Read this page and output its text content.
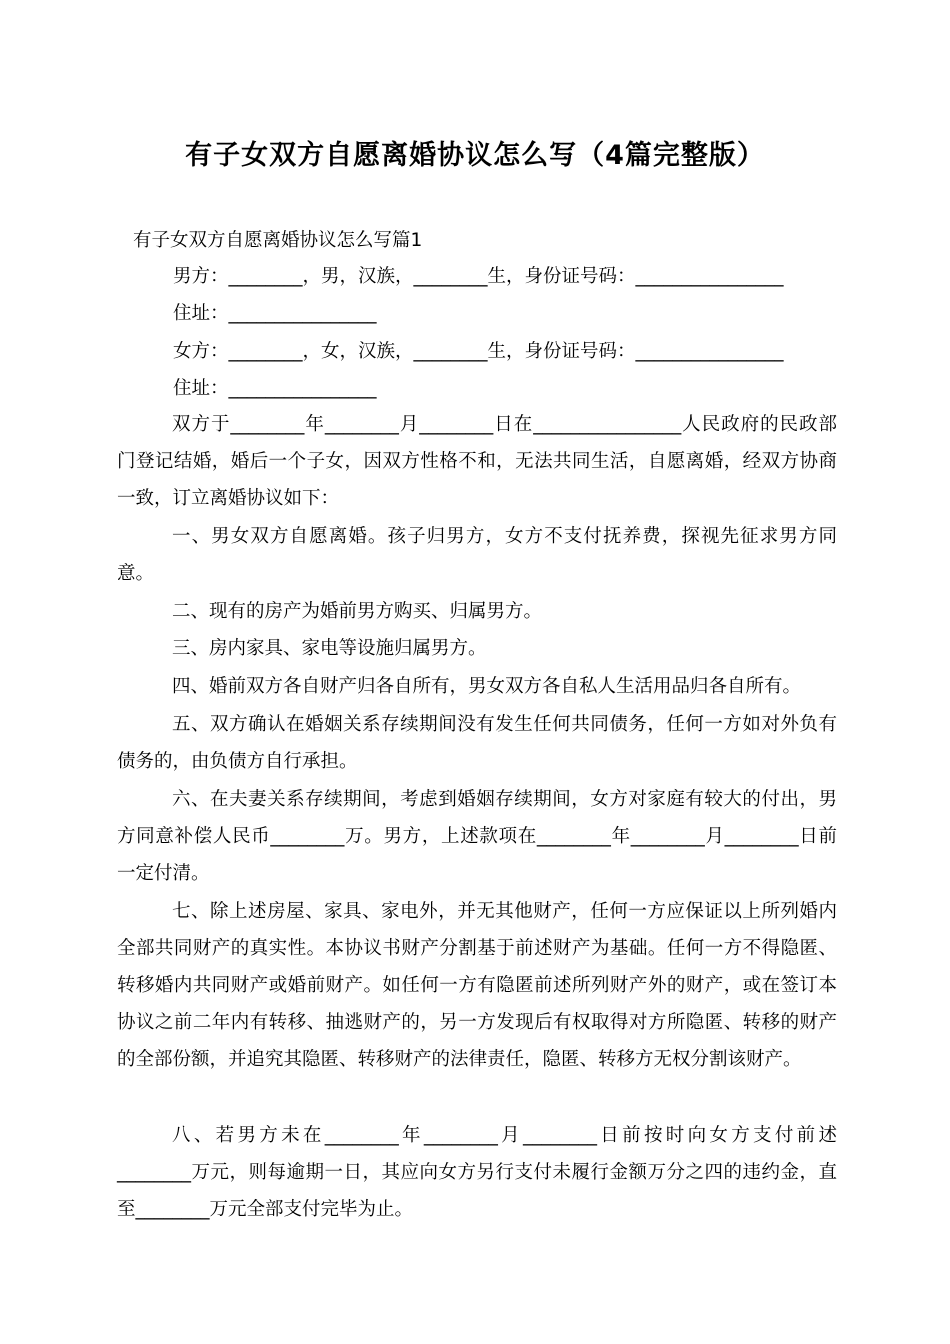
有子女双方自愿离婚协议怎么写（4篇完整版）
有子女双方自愿离婚协议怎么写篇1
男方：________，男，汉族，________生，身份证号码：________________
住址：________________
女方：________，女，汉族，________生，身份证号码：________________
住址：________________
双方于________年________月________日在________________人民政府的民政部门登记结婚，婚后一个子女，因双方性格不和，无法共同生活，自愿离婚，经双方协商一致，订立离婚协议如下：
一、男女双方自愿离婚。孩子归男方，女方不支付抚养费，探视先征求男方同意。
二、现有的房产为婚前男方购买、归属男方。
三、房内家具、家电等设施归属男方。
四、婚前双方各自财产归各自所有，男女双方各自私人生活用品归各自所有。
五、双方确认在婚姻关系存续期间没有发生任何共同债务，任何一方如对外负有债务的，由负债方自行承担。
六、在夫妻关系存续期间，考虑到婚姻存续期间，女方对家庭有较大的付出，男方同意补偿人民币________万。男方，上述款项在________年________月________日前一定付清。
七、除上述房屋、家具、家电外，并无其他财产，任何一方应保证以上所列婚内全部共同财产的真实性。本协议书财产分割基于前述财产为基础。任何一方不得隐匿、转移婚内共同财产或婚前财产。如任何一方有隐匿前述所列财产外的财产，或在签订本协议之前二年内有转移、抽逃财产的，另一方发现后有权取得对方所隐匿、转移的财产的全部份额，并追究其隐匿、转移财产的法律责任，隐匿、转移方无权分割该财产。
八、若男方未在________年________月________日前按时向女方支付前述________万元，则每逾期一日，其应向女方另行支付未履行金额万分之四的违约金，直至________万元全部支付完毕为止。
